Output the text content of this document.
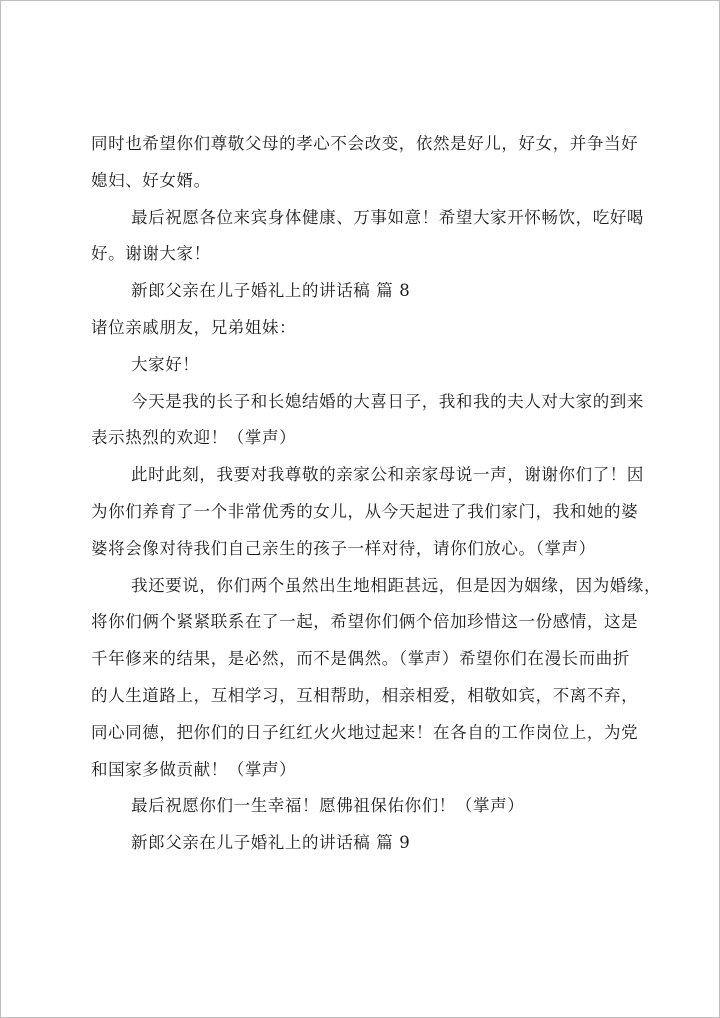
同时也希望你们尊敬父母的孝心不会改变，依然是好儿，好女，并争当好
媳妇、好女婿。
最后祝愿各位来宾身体健康、万事如意！希望大家开怀畅饮，吃好喝
好。谢谢大家！
新郎父亲在儿子婚礼上的讲话稿 篇 8
诸位亲戚朋友，兄弟姐妹：
大家好！
今天是我的长子和长媳结婚的大喜日子，我和我的夫人对大家的到来
表示热烈的欢迎！（掌声）
此时此刻，我要对我尊敬的亲家公和亲家母说一声，谢谢你们了！因
为你们养育了一个非常优秀的女儿，从今天起进了我们家门，我和她的婆
婆将会像对待我们自己亲生的孩子一样对待，请你们放心。（掌声）
我还要说，你们两个虽然出生地相距甚远，但是因为姻缘，因为婚缘，
将你们俩个紧紧联系在了一起，希望你们俩个倍加珍惜这一份感情，这是
千年修来的结果，是必然，而不是偶然。（掌声）希望你们在漫长而曲折
的人生道路上，互相学习，互相帮助，相亲相爱，相敬如宾，不离不弃，
同心同德，把你们的日子红红火火地过起来！在各自的工作岗位上，为党
和国家多做贡献！（掌声）
最后祝愿你们一生幸福！愿佛祖保佑你们！（掌声）
新郎父亲在儿子婚礼上的讲话稿 篇 9
